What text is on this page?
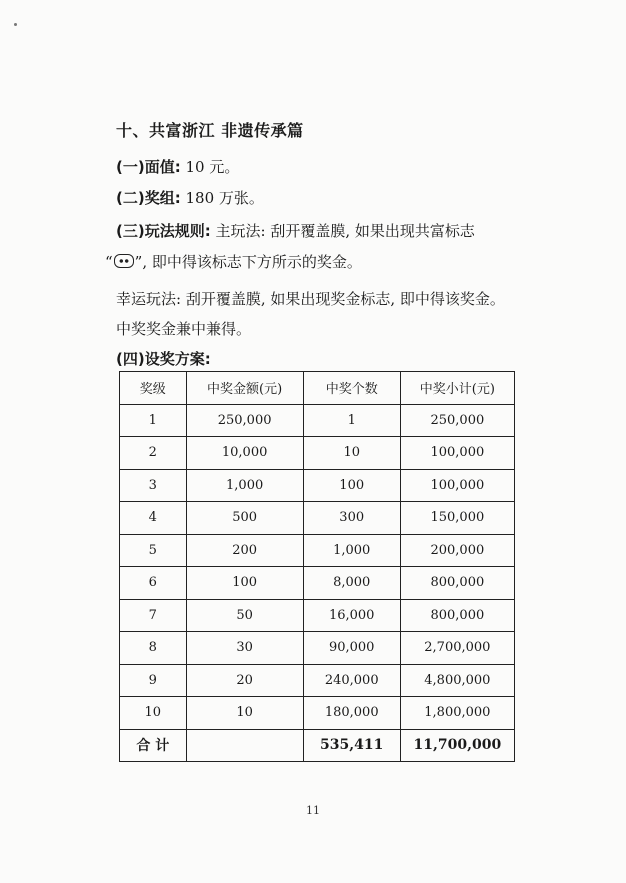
十、共富浙江 非遗传承篇
(一)面值: 10 元。
(二)奖组: 180 万张。
(三)玩法规则: 主玩法: 刮开覆盖膜, 如果出现共富标志
“ ”, 即中得该标志下方所示的奖金。
幸运玩法: 刮开覆盖膜, 如果出现奖金标志, 即中得该奖金。
中奖奖金兼中兼得。
(四)设奖方案:
奖级	中奖金额(元)	中奖个数	中奖小计(元)
1	250,000	1	250,000
2	10,000	10	100,000
3	1,000	100	100,000
4	500	300	150,000
5	200	1,000	200,000
6	100	8,000	800,000
7	50	16,000	800,000
8	30	90,000	2,700,000
9	20	240,000	4,800,000
10	10	180,000	1,800,000
合 计		535,411	11,700,000
11
